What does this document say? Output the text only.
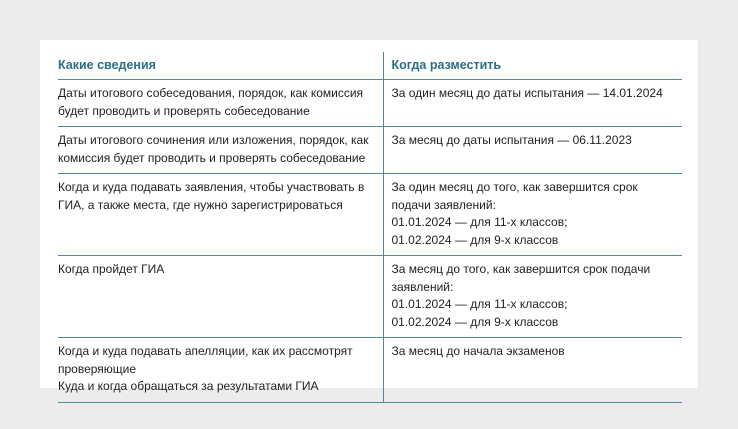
Какие сведения	Когда разместить

Даты итогового собеседования, порядок, как комиссия будет проводить и проверять собеседование	За один месяц до даты испытания — 14.01.2024

Даты итогового сочинения или изложения, порядок, как комиссия будет проводить и проверять собеседование	За месяц до даты испытания — 06.11.2023

Когда и куда подавать заявления, чтобы участвовать в ГИА, а также места, где нужно зарегистрироваться	За один месяц до того, как завершится срок подачи заявлений:
01.01.2024 — для 11-х классов;
01.02.2024 — для 9-х классов

Когда пройдет ГИА	За месяц до того, как завершится срок подачи заявлений:
01.01.2024 — для 11-х классов;
01.02.2024 — для 9-х классов

Когда и куда подавать апелляции, как их рассмотрят проверяющие
Куда и когда обращаться за результатами ГИА	За месяц до начала экзаменов
